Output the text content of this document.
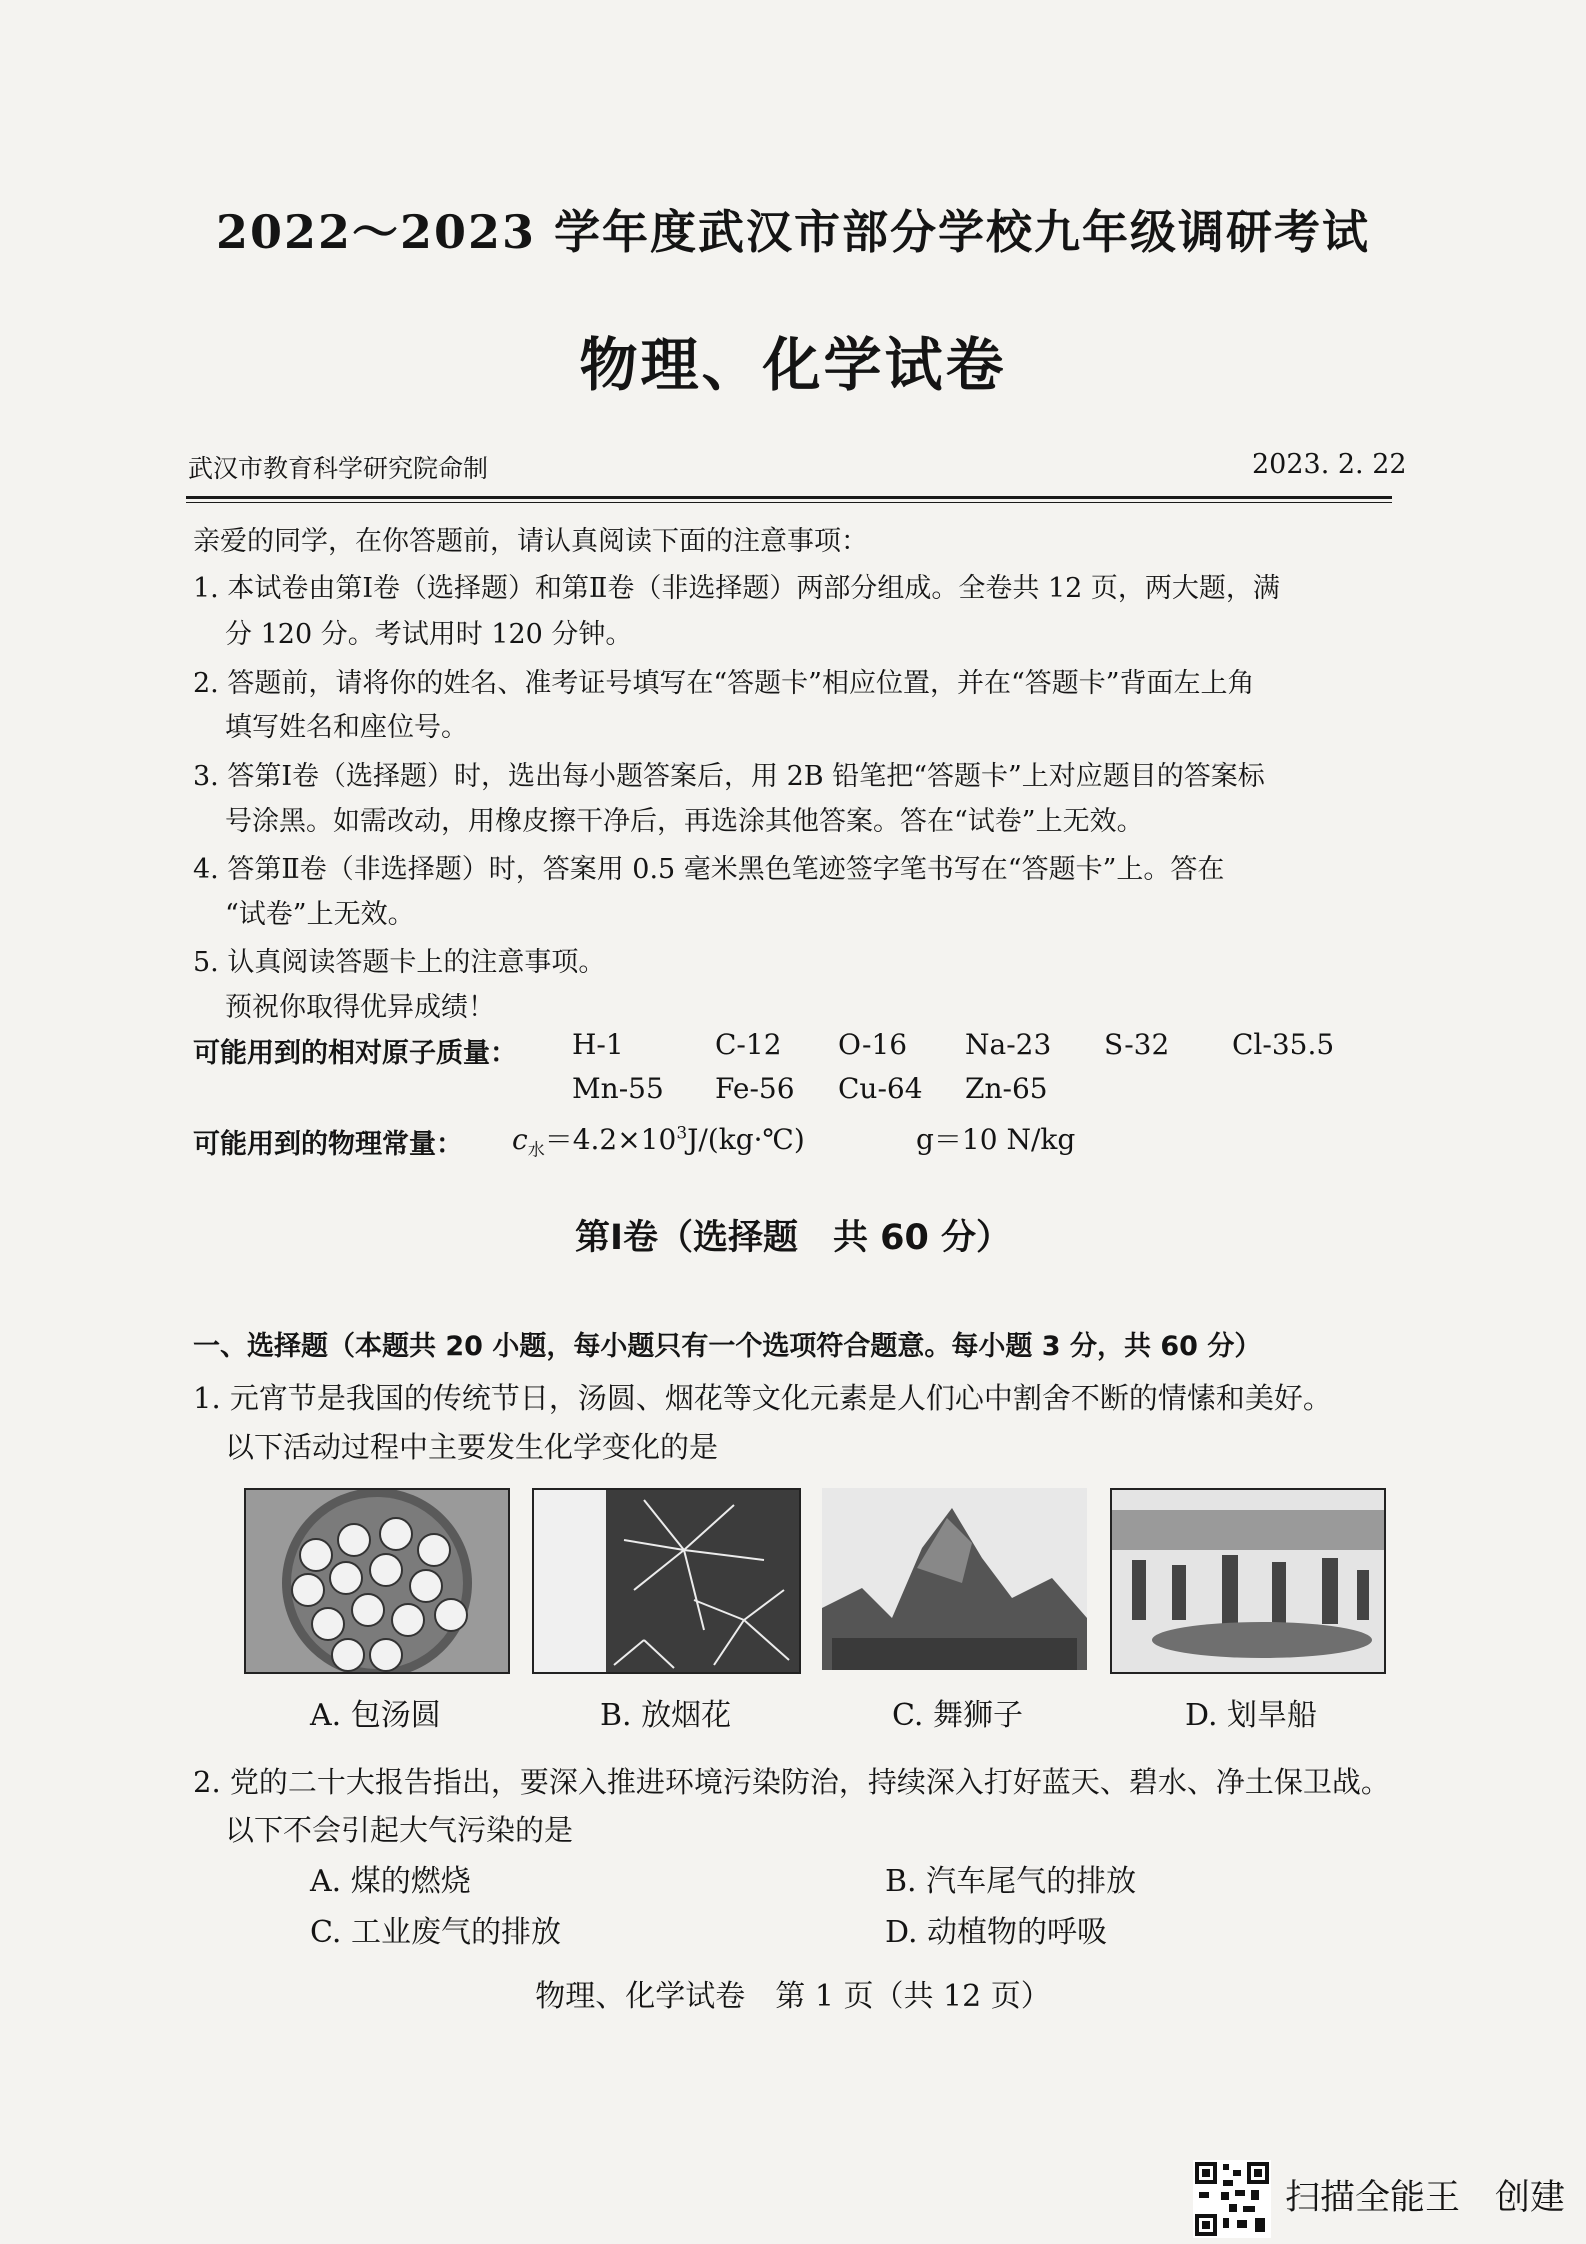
2022～2023 学年度武汉市部分学校九年级调研考试
物理、化学试卷
武汉市教育科学研究院命制	2023. 2. 22
亲爱的同学，在你答题前，请认真阅读下面的注意事项：
1. 本试卷由第Ⅰ卷（选择题）和第Ⅱ卷（非选择题）两部分组成。全卷共 12 页，两大题，满
分 120 分。考试用时 120 分钟。
2. 答题前，请将你的姓名、准考证号填写在“答题卡”相应位置，并在“答题卡”背面左上角
填写姓名和座位号。
3. 答第Ⅰ卷（选择题）时，选出每小题答案后，用 2B 铅笔把“答题卡”上对应题目的答案标
号涂黑。如需改动，用橡皮擦干净后，再选涂其他答案。答在“试卷”上无效。
4. 答第Ⅱ卷（非选择题）时，答案用 0.5 毫米黑色笔迹签字笔书写在“答题卡”上。答在
“试卷”上无效。
5. 认真阅读答题卡上的注意事项。
预祝你取得优异成绩！
可能用到的相对原子质量： H-1	C-12 O-16 Na-23 S-32 Cl-35.5
Mn-55 Fe-56 Cu-64 Zn-65
可能用到的物理常量： $c_水=4.2\times 10^3J/(kg\cdot℃)$	g＝10 N/kg
第Ⅰ卷（选择题　共 60 分）
一、选择题（本题共 20 小题，每小题只有一个选项符合题意。每小题 3 分，共 60 分）
1. 元宵节是我国的传统节日，汤圆、烟花等文化元素是人们心中割舍不断的情愫和美好。
以下活动过程中主要发生化学变化的是
A. 包汤圆	B. 放烟花	C. 舞狮子	D. 划旱船
2. 党的二十大报告指出，要深入推进环境污染防治，持续深入打好蓝天、碧水、净土保卫战。
以下不会引起大气污染的是
A. 煤的燃烧	B. 汽车尾气的排放
C. 工业废气的排放	D. 动植物的呼吸
物理、化学试卷　第 1 页（共 12 页）
扫描全能王　创建
